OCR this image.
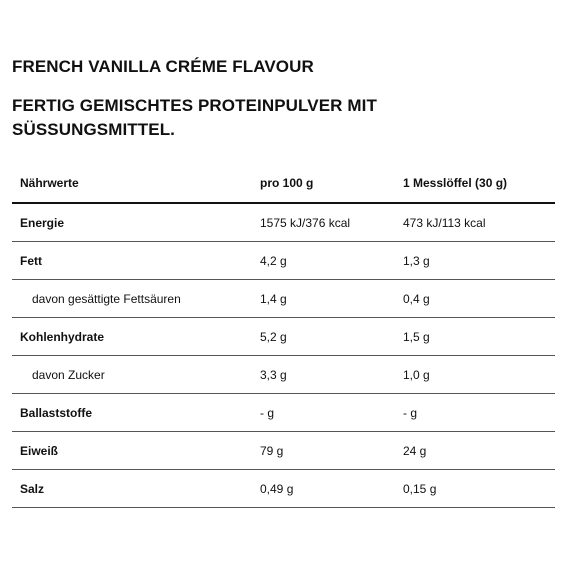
FRENCH VANILLA CRÉME FLAVOUR
FERTIG GEMISCHTES PROTEINPULVER MIT SÜSSUNGSMITTEL.
Nährwerte	pro 100 g	1 Messlöffel (30 g)
Energie	1575 kJ/376 kcal	473 kJ/113 kcal
Fett	4,2 g	1,3 g
davon gesättigte Fettsäuren	1,4 g	0,4 g
Kohlenhydrate	5,2 g	1,5 g
davon Zucker	3,3 g	1,0 g
Ballaststoffe	- g	- g
Eiweiß	79 g	24 g
Salz	0,49 g	0,15 g
